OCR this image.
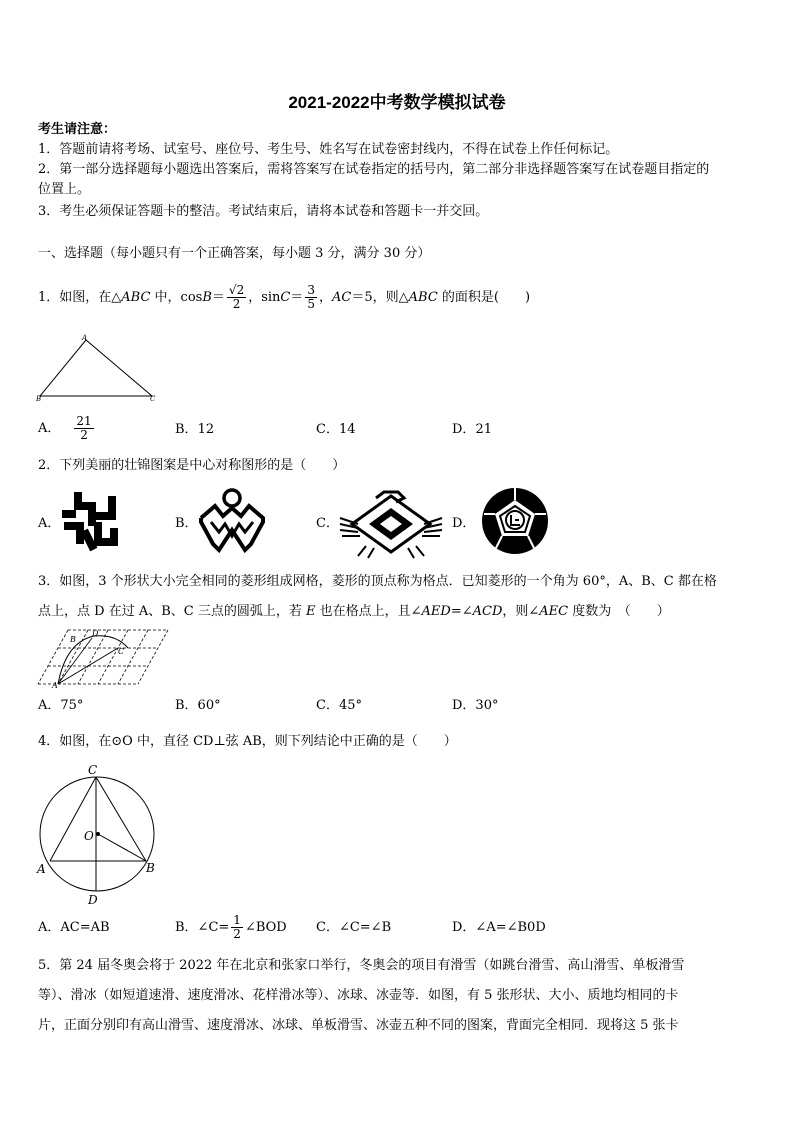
2021-2022中考数学模拟试卷
考生请注意：
1．答题前请将考场、试室号、座位号、考生号、姓名写在试卷密封线内，不得在试卷上作任何标记。
2．第一部分选择题每小题选出答案后，需将答案写在试卷指定的括号内，第二部分非选择题答案写在试卷题目指定的
位置上。
3．考生必须保证答题卡的整洁。考试结束后，请将本试卷和答题卡一并交回。
一、选择题（每小题只有一个正确答案，每小题 3 分，满分 30 分）
1．如图，在△ABC 中，$\cos B= \frac{√2}{2}$ ，$\sin C= \frac{3}{5}$ ，AC＝5，则△ABC 的面积是(　　)
A
B	C
A． $\frac{21}{2}$	B．12	C．14	D．21
2．下列美丽的壮锦图案是中心对称图形的是（　　）
A．	B．	C．	D．
3．如图，3 个形状大小完全相同的菱形组成网格，菱形的顶点称为格点．已知菱形的一个角为 60°，A、B、C 都在格
点上，点 D 在过 A、B、C 三点的圆弧上，若 E 也在格点上，且∠AED=∠ACD，则∠AEC 度数为　（　　）
A
B
D
C
A．75°	B．60°	C．45°	D．30°
4．如图，在⊙O 中，直径 CD⊥弦 AB，则下列结论中正确的是（　　）
C
O
A	B
D
A．AC=AB	B．∠C= $\frac{1}{2}$ ∠BOD C．∠C=∠B	D．∠A=∠B0D
5．第 24 届冬奥会将于 2022 年在北京和张家口举行，冬奥会的项目有滑雪（如跳台滑雪、高山滑雪、单板滑雪
等）、滑冰（如短道速滑、速度滑冰、花样滑冰等）、冰球、冰壶等．如图，有 5 张形状、大小、质地均相同的卡
片，正面分别印有高山滑雪、速度滑冰、冰球、单板滑雪、冰壶五种不同的图案，背面完全相同．现将这 5 张卡
